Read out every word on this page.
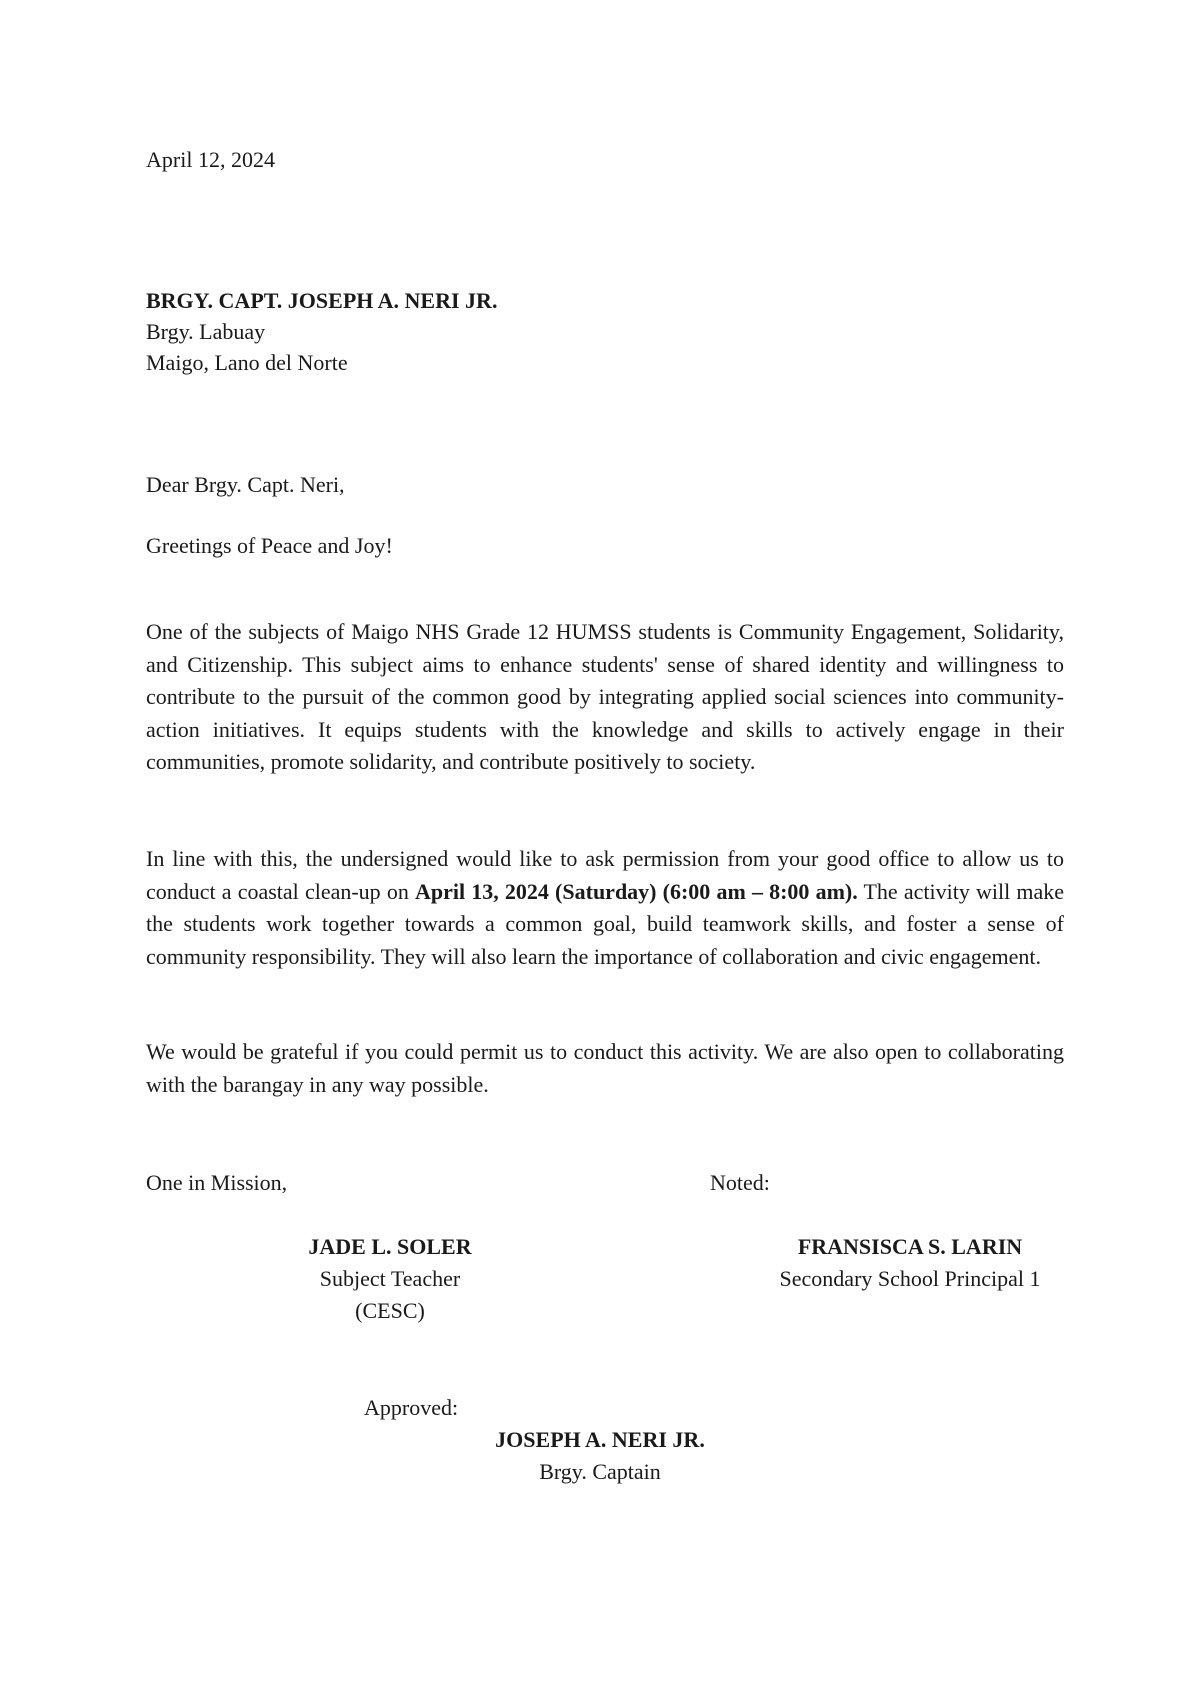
April 12, 2024
BRGY. CAPT. JOSEPH A. NERI JR.
Brgy. Labuay
Maigo, Lano del Norte
Dear Brgy. Capt. Neri,
Greetings of Peace and Joy!
One of the subjects of Maigo NHS Grade 12 HUMSS students is Community Engagement, Solidarity, and Citizenship. This subject aims to enhance students' sense of shared identity and willingness to contribute to the pursuit of the common good by integrating applied social sciences into community-action initiatives. It equips students with the knowledge and skills to actively engage in their communities, promote solidarity, and contribute positively to society.
In line with this, the undersigned would like to ask permission from your good office to allow us to conduct a coastal clean-up on April 13, 2024 (Saturday) (6:00 am – 8:00 am). The activity will make the students work together towards a common goal, build teamwork skills, and foster a sense of community responsibility. They will also learn the importance of collaboration and civic engagement.
We would be grateful if you could permit us to conduct this activity. We are also open to collaborating with the barangay in any way possible.
One in Mission,	Noted:
JADE L. SOLER
Subject Teacher
(CESC)
FRANSISCA S. LARIN
Secondary School Principal 1
Approved:
JOSEPH A. NERI JR.
Brgy. Captain
